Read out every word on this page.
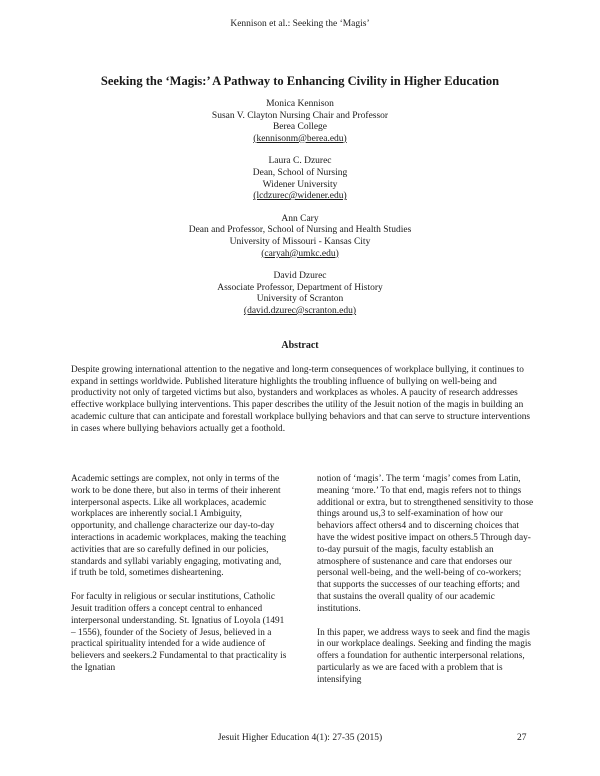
Kennison et al.: Seeking the ‘Magis’
Seeking the ‘Magis:’ A Pathway to Enhancing Civility in Higher Education
Monica Kennison
Susan V. Clayton Nursing Chair and Professor
Berea College
(kennisonm@berea.edu)
Laura C. Dzurec
Dean, School of Nursing
Widener University
(lcdzurec@widener.edu)
Ann Cary
Dean and Professor, School of Nursing and Health Studies
University of Missouri - Kansas City
(caryah@umkc.edu)
David Dzurec
Associate Professor, Department of History
University of Scranton
(david.dzurec@scranton.edu)
Abstract

Despite growing international attention to the negative and long-term consequences of workplace bullying, it continues to expand in settings worldwide. Published literature highlights the troubling influence of bullying on well-being and productivity not only of targeted victims but also, bystanders and workplaces as wholes. A paucity of research addresses effective workplace bullying interventions. This paper describes the utility of the Jesuit notion of the magis in building an academic culture that can anticipate and forestall workplace bullying behaviors and that can serve to structure interventions in cases where bullying behaviors actually get a foothold.

Academic settings are complex, not only in terms of the work to be done there, but also in terms of their inherent interpersonal aspects. Like all workplaces, academic workplaces are inherently social.1 Ambiguity, opportunity, and challenge characterize our day-to-day interactions in academic workplaces, making the teaching activities that are so carefully defined in our policies, standards and syllabi variably engaging, motivating and, if truth be told, sometimes disheartening.

For faculty in religious or secular institutions, Catholic Jesuit tradition offers a concept central to enhanced interpersonal understanding. St. Ignatius of Loyola (1491 – 1556), founder of the Society of Jesus, believed in a practical spirituality intended for a wide audience of believers and seekers.2 Fundamental to that practicality is the Ignatian

notion of ‘magis’. The term ‘magis’ comes from Latin, meaning ‘more.’ To that end, magis refers not to things additional or extra, but to strengthened sensitivity to those things around us,3 to self-examination of how our behaviors affect others4 and to discerning choices that have the widest positive impact on others.5 Through day-to-day pursuit of the magis, faculty establish an atmosphere of sustenance and care that endorses our personal well-being, and the well-being of co-workers; that supports the successes of our teaching efforts; and that sustains the overall quality of our academic institutions.

In this paper, we address ways to seek and find the magis in our workplace dealings. Seeking and finding the magis offers a foundation for authentic interpersonal relations, particularly as we are faced with a problem that is intensifying

Jesuit Higher Education 4(1): 27-35 (2015)	27
